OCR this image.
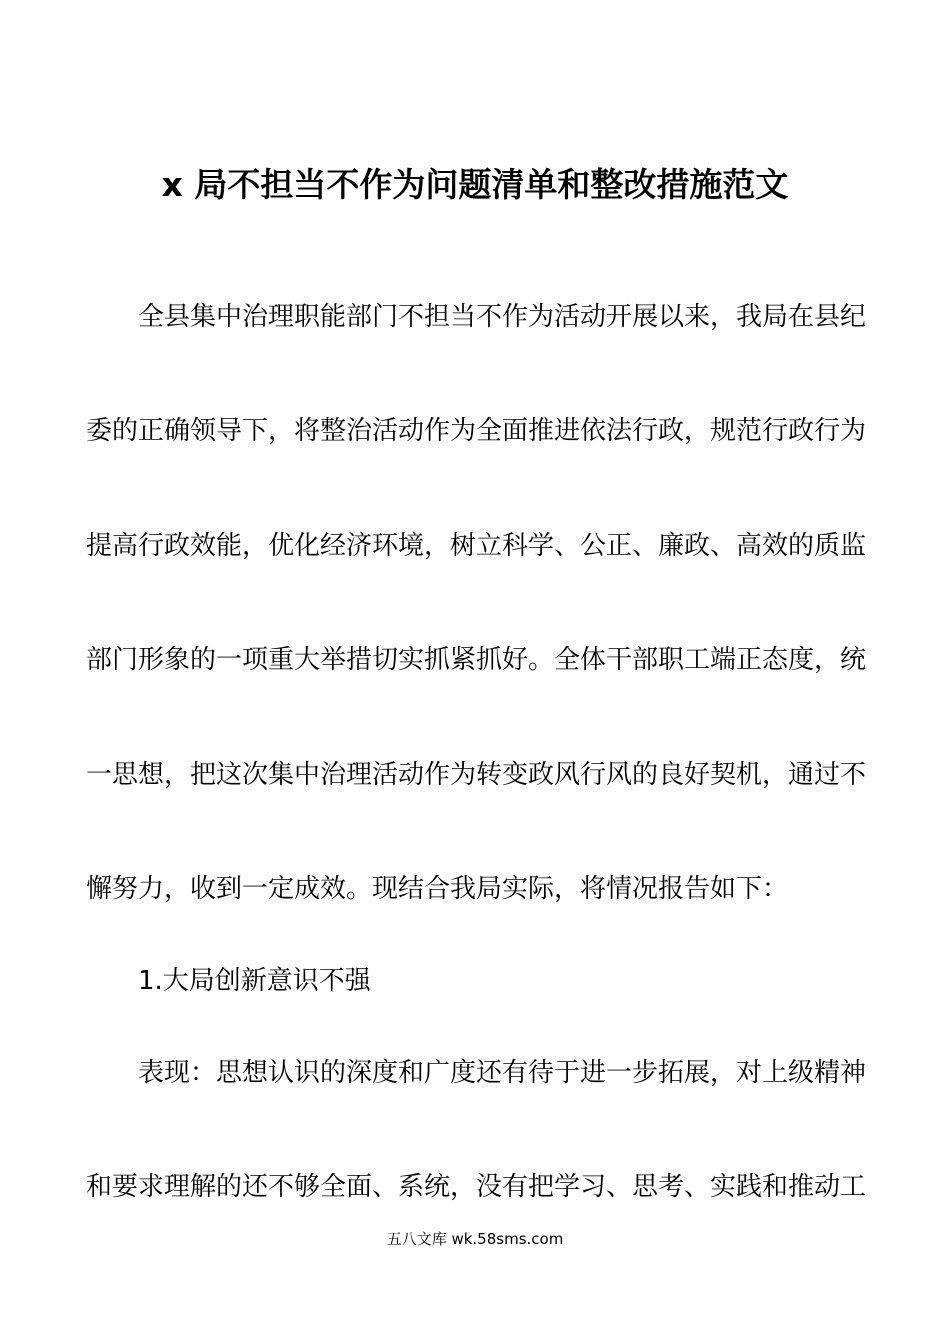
x 局不担当不作为问题清单和整改措施范文

全县集中治理职能部门不担当不作为活动开展以来，我局在县纪

委的正确领导下，将整治活动作为全面推进依法行政，规范行政行为

提高行政效能，优化经济环境，树立科学、公正、廉政、高效的质监

部门形象的一项重大举措切实抓紧抓好。全体干部职工端正态度，统

一思想，把这次集中治理活动作为转变政风行风的良好契机，通过不

懈努力，收到一定成效。现结合我局实际，将情况报告如下：

1.大局创新意识不强

表现：思想认识的深度和广度还有待于进一步拓展，对上级精神

和要求理解的还不够全面、系统，没有把学习、思考、实践和推动工

五八文库 wk.58sms.com
